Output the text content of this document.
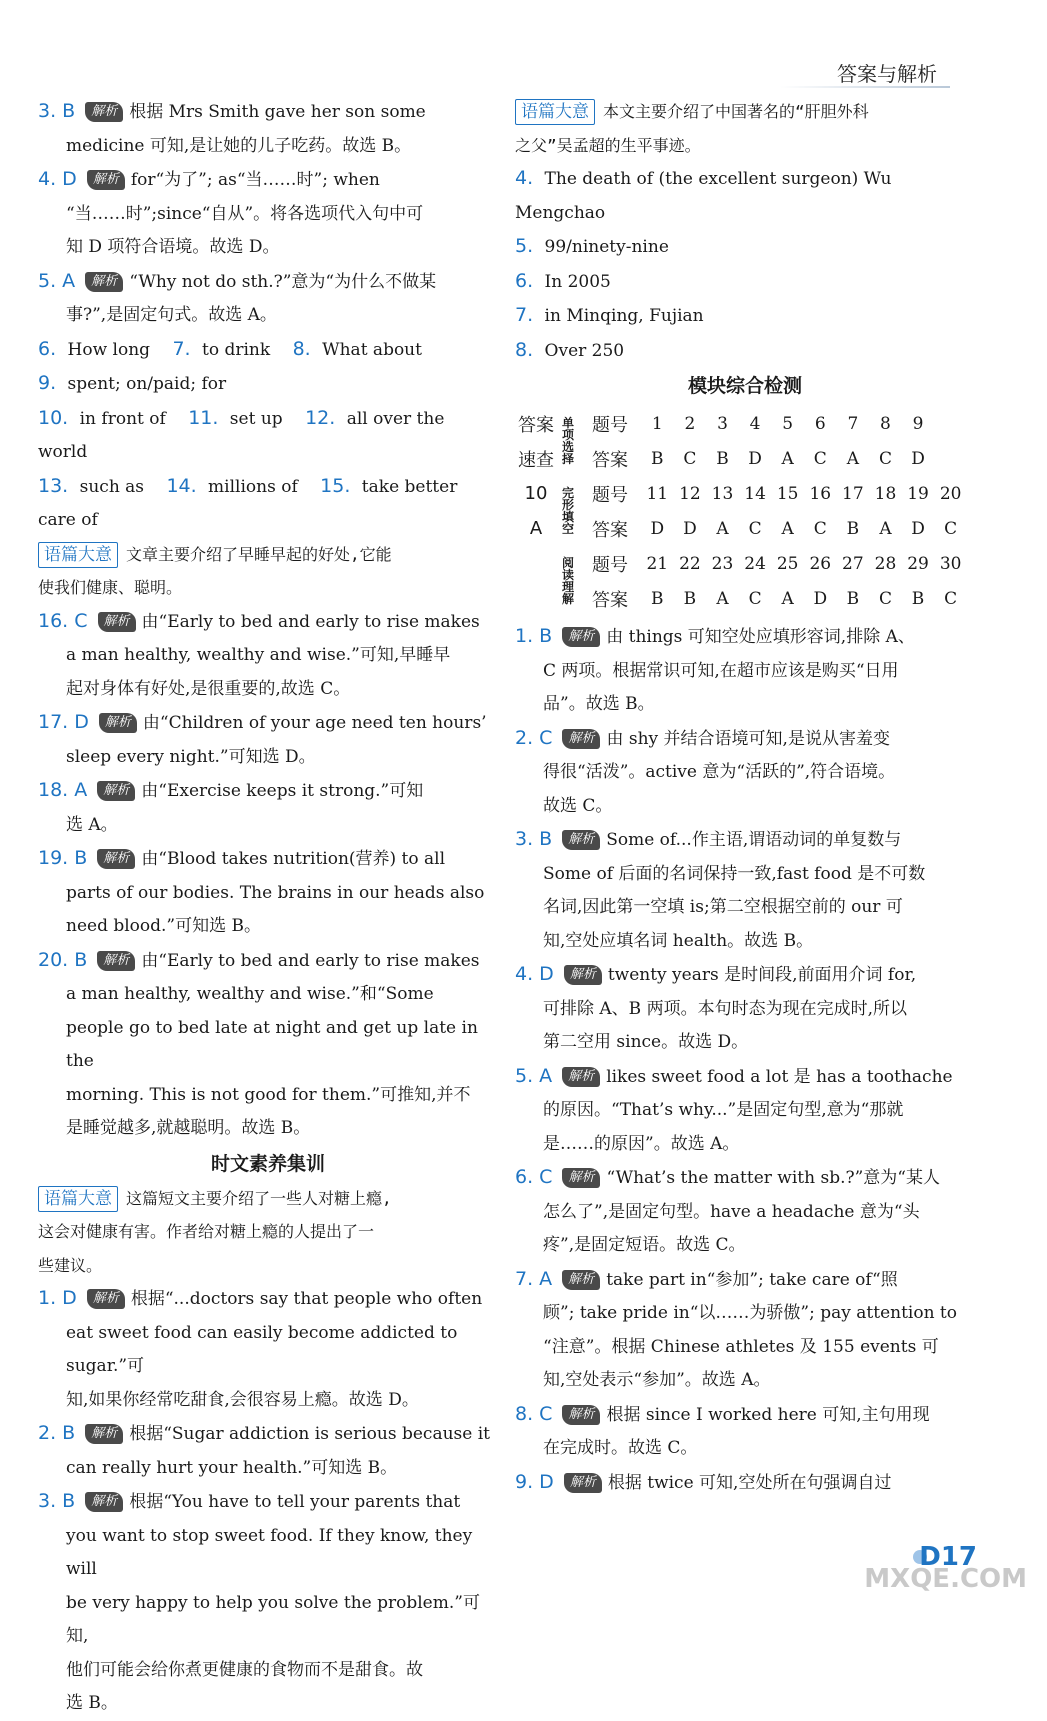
答案与解析

3. B 解析 根据 Mrs Smith gave her son some

medicine 可知,是让她的儿子吃药。故选 B。

4. D 解析 for“为了”; as“当……时”; when

“当……时”;since“自从”。将各选项代入句中可

知 D 项符合语境。故选 D。

5. A 解析 “Why not do sth.?”意为“为什么不做某

事?”,是固定句式。故选 A。

6. How long　 7. to drink　 8. What about

9. spent; on/paid; for

10. in front of　 11. set up　 12. all over the world

13. such as　 14. millions of　 15. take better care of

语篇大意 文章主要介绍了早睡早起的好处,它能

使我们健康、聪明。

16. C 解析 由“Early to bed and early to rise makes

a man healthy, wealthy and wise.”可知,早睡早

起对身体有好处,是很重要的,故选 C。

17. D 解析 由“Children of your age need ten hours’

sleep every night.”可知选 D。

18. A 解析 由“Exercise keeps it strong.”可知

选 A。

19. B 解析 由“Blood takes nutrition(营养) to all

parts of our bodies. The brains in our heads also

need blood.”可知选 B。

20. B 解析 由“Early to bed and early to rise makes

a man healthy, wealthy and wise.”和“Some

people go to bed late at night and get up late in the

morning. This is not good for them.”可推知,并不

是睡觉越多,就越聪明。故选 B。

时文素养集训

语篇大意 这篇短文主要介绍了一些人对糖上瘾,

这会对健康有害。作者给对糖上瘾的人提出了一

些建议。

1. D 解析 根据“...doctors say that people who often

eat sweet food can easily become addicted to sugar.”可

知,如果你经常吃甜食,会很容易上瘾。故选 D。

2. B 解析 根据“Sugar addiction is serious because it

can really hurt your health.”可知选 B。

3. B 解析 根据“You have to tell your parents that

you want to stop sweet food. If they know, they will

be very happy to help you solve the problem.”可知,

他们可能会给你煮更健康的食物而不是甜食。故

选 B。

语篇大意 本文主要介绍了中国著名的“肝胆外科

之父”吴孟超的生平事迹。

4. The death of (the excellent surgeon) Wu Mengchao

5. 99/ninety-nine

6. In 2005

7. in Minqing, Fujian

8. Over 250

模块综合检测

答案	单项选择	题号	1	2	3	4	5	6	7	8	9	
速查		答案	B	C	B	D	A	C	A	C	D	
10	完形填空	题号	11	12	13	14	15	16	17	18	19	20
A		答案	D	D	A	C	A	C	B	A	D	C
	阅读理解	题号	21	22	23	24	25	26	27	28	29	30
		答案	B	B	A	C	A	D	B	C	B	C

1. B 解析 由 things 可知空处应填形容词,排除 A、

C 两项。根据常识可知,在超市应该是购买“日用

品”。故选 B。

2. C 解析 由 shy 并结合语境可知,是说从害羞变

得很“活泼”。active 意为“活跃的”,符合语境。

故选 C。

3. B 解析 Some of...作主语,谓语动词的单复数与

Some of 后面的名词保持一致,fast food 是不可数

名词,因此第一空填 is;第二空根据空前的 our 可

知,空处应填名词 health。故选 B。

4. D 解析 twenty years 是时间段,前面用介词 for,

可排除 A、B 两项。本句时态为现在完成时,所以

第二空用 since。故选 D。

5. A 解析 likes sweet food a lot 是 has a toothache

的原因。“That’s why...”是固定句型,意为“那就

是……的原因”。故选 A。

6. C 解析 “What’s the matter with sb.?”意为“某人

怎么了”,是固定句型。have a headache 意为“头

疼”,是固定短语。故选 C。

7. A 解析 take part in“参加”; take care of“照

顾”; take pride in“以……为骄傲”; pay attention to

“注意”。根据 Chinese athletes 及 155 events 可

知,空处表示“参加”。故选 A。

8. C 解析 根据 since I worked here 可知,主句用现

在完成时。故选 C。

9. D 解析 根据 twice 可知,空处所在句强调自过

D17
MXQE.COM
